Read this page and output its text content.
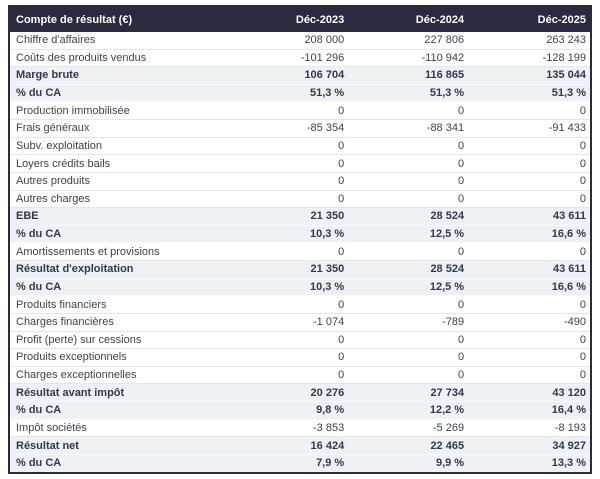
Compte de résultat (€)	Déc-2023	Déc-2024	Déc-2025
Chiffre d'affaires	208 000	227 806	263 243
Coûts des produits vendus	-101 296	-110 942	-128 199
Marge brute	106 704	116 865	135 044
% du CA	51,3 %	51,3 %	51,3 %
Production immobilisée	0	0	0
Frais généraux	-85 354	-88 341	-91 433
Subv. exploitation	0	0	0
Loyers crédits bails	0	0	0
Autres produits	0	0	0
Autres charges	0	0	0
EBE	21 350	28 524	43 611
% du CA	10,3 %	12,5 %	16,6 %
Amortissements et provisions	0	0	0
Résultat d'exploitation	21 350	28 524	43 611
% du CA	10,3 %	12,5 %	16,6 %
Produits financiers	0	0	0
Charges financières	-1 074	-789	-490
Profit (perte) sur cessions	0	0	0
Produits exceptionnels	0	0	0
Charges exceptionnelles	0	0	0
Résultat avant impôt	20 276	27 734	43 120
% du CA	9,8 %	12,2 %	16,4 %
Impôt sociétés	-3 853	-5 269	-8 193
Résultat net	16 424	22 465	34 927
% du CA	7,9 %	9,9 %	13,3 %
